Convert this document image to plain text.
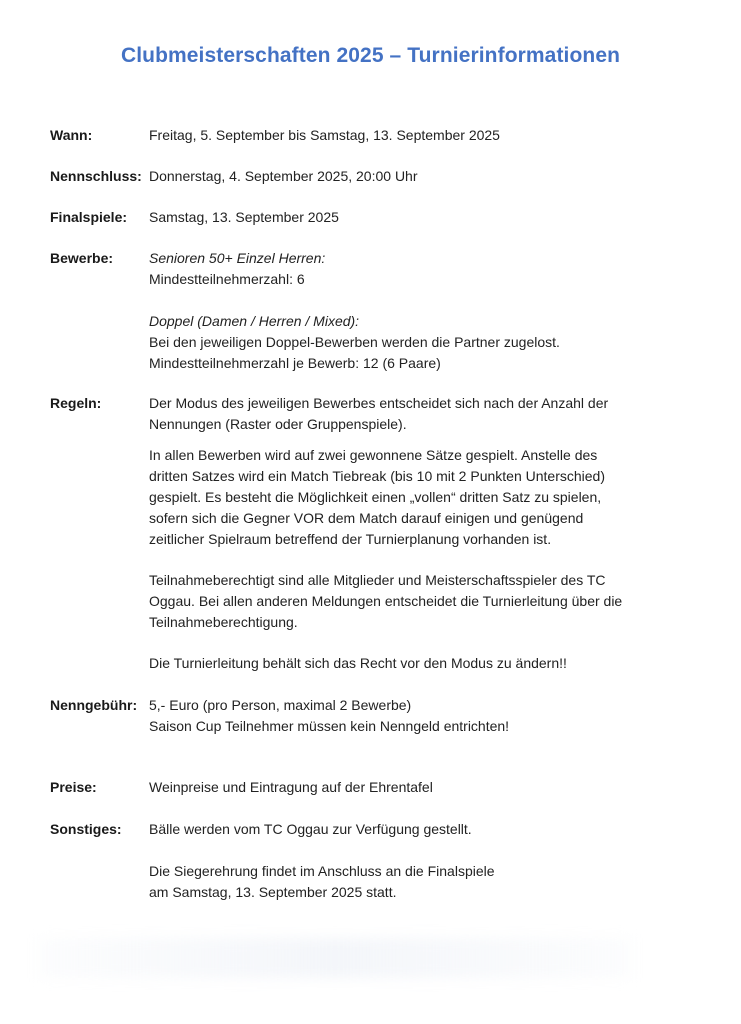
Clubmeisterschaften 2025 – Turnierinformationen
Wann:	Freitag, 5. September bis Samstag, 13. September 2025
Nennschluss: Donnerstag, 4. September 2025, 20:00 Uhr
Finalspiele: Samstag, 13. September 2025
Bewerbe:	Senioren 50+ Einzel Herren:
Mindestteilnehmerzahl: 6
Doppel (Damen / Herren / Mixed):
Bei den jeweiligen Doppel-Bewerben werden die Partner zugelost.
Mindestteilnehmerzahl je Bewerb: 12 (6 Paare)
Regeln:	Der Modus des jeweiligen Bewerbes entscheidet sich nach der Anzahl der
Nennungen (Raster oder Gruppenspiele).
In allen Bewerben wird auf zwei gewonnene Sätze gespielt. Anstelle des
dritten Satzes wird ein Match Tiebreak (bis 10 mit 2 Punkten Unterschied)
gespielt. Es besteht die Möglichkeit einen „vollen“ dritten Satz zu spielen,
sofern sich die Gegner VOR dem Match darauf einigen und genügend
zeitlicher Spielraum betreffend der Turnierplanung vorhanden ist.
Teilnahmeberechtigt sind alle Mitglieder und Meisterschaftsspieler des TC
Oggau. Bei allen anderen Meldungen entscheidet die Turnierleitung über die
Teilnahmeberechtigung.
Die Turnierleitung behält sich das Recht vor den Modus zu ändern!!
Nenngebühr: 5,- Euro (pro Person, maximal 2 Bewerbe)
Saison Cup Teilnehmer müssen kein Nenngeld entrichten!
Preise:	Weinpreise und Eintragung auf der Ehrentafel
Sonstiges: Bälle werden vom TC Oggau zur Verfügung gestellt.
Die Siegerehrung findet im Anschluss an die Finalspiele
am Samstag, 13. September 2025 statt.
